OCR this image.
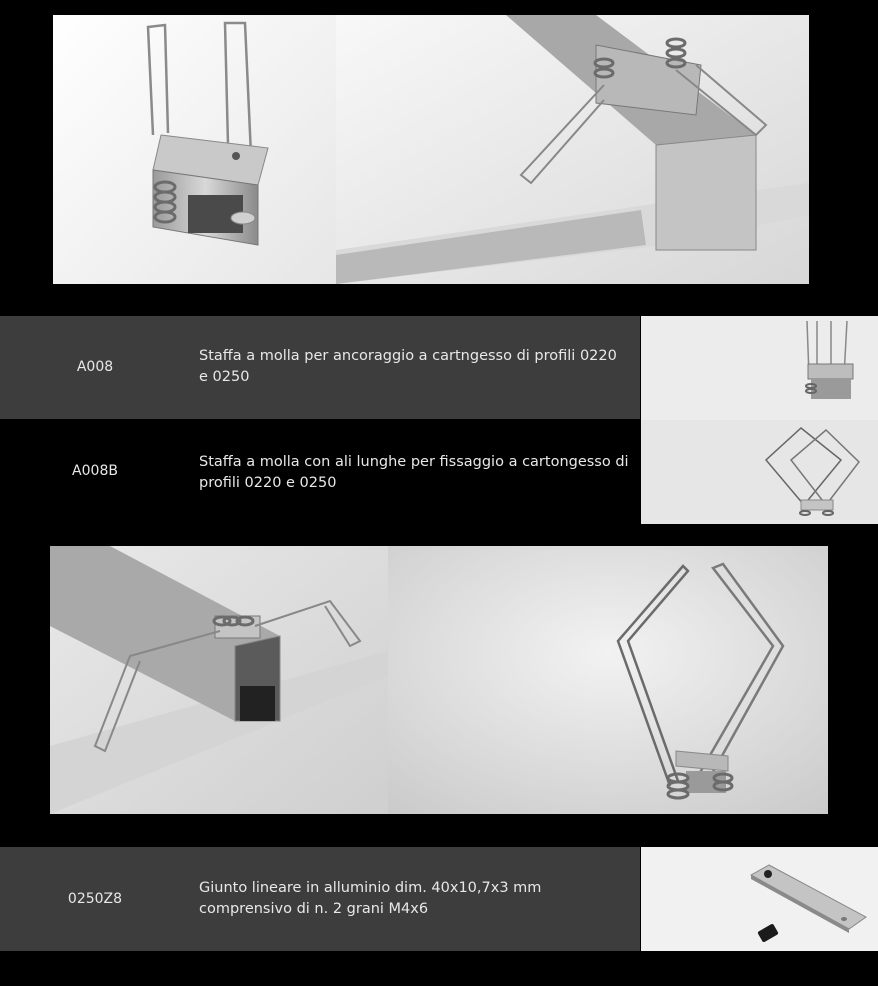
A008
Staffa a molla per ancoraggio a cartngesso di profili 0220 e 0250
A008B
Staffa a molla con ali lunghe per fissaggio a cartongesso di profili 0220 e 0250
0250Z8
Giunto lineare in alluminio dim. 40x10,7x3 mm comprensivo di n. 2 grani M4x6
